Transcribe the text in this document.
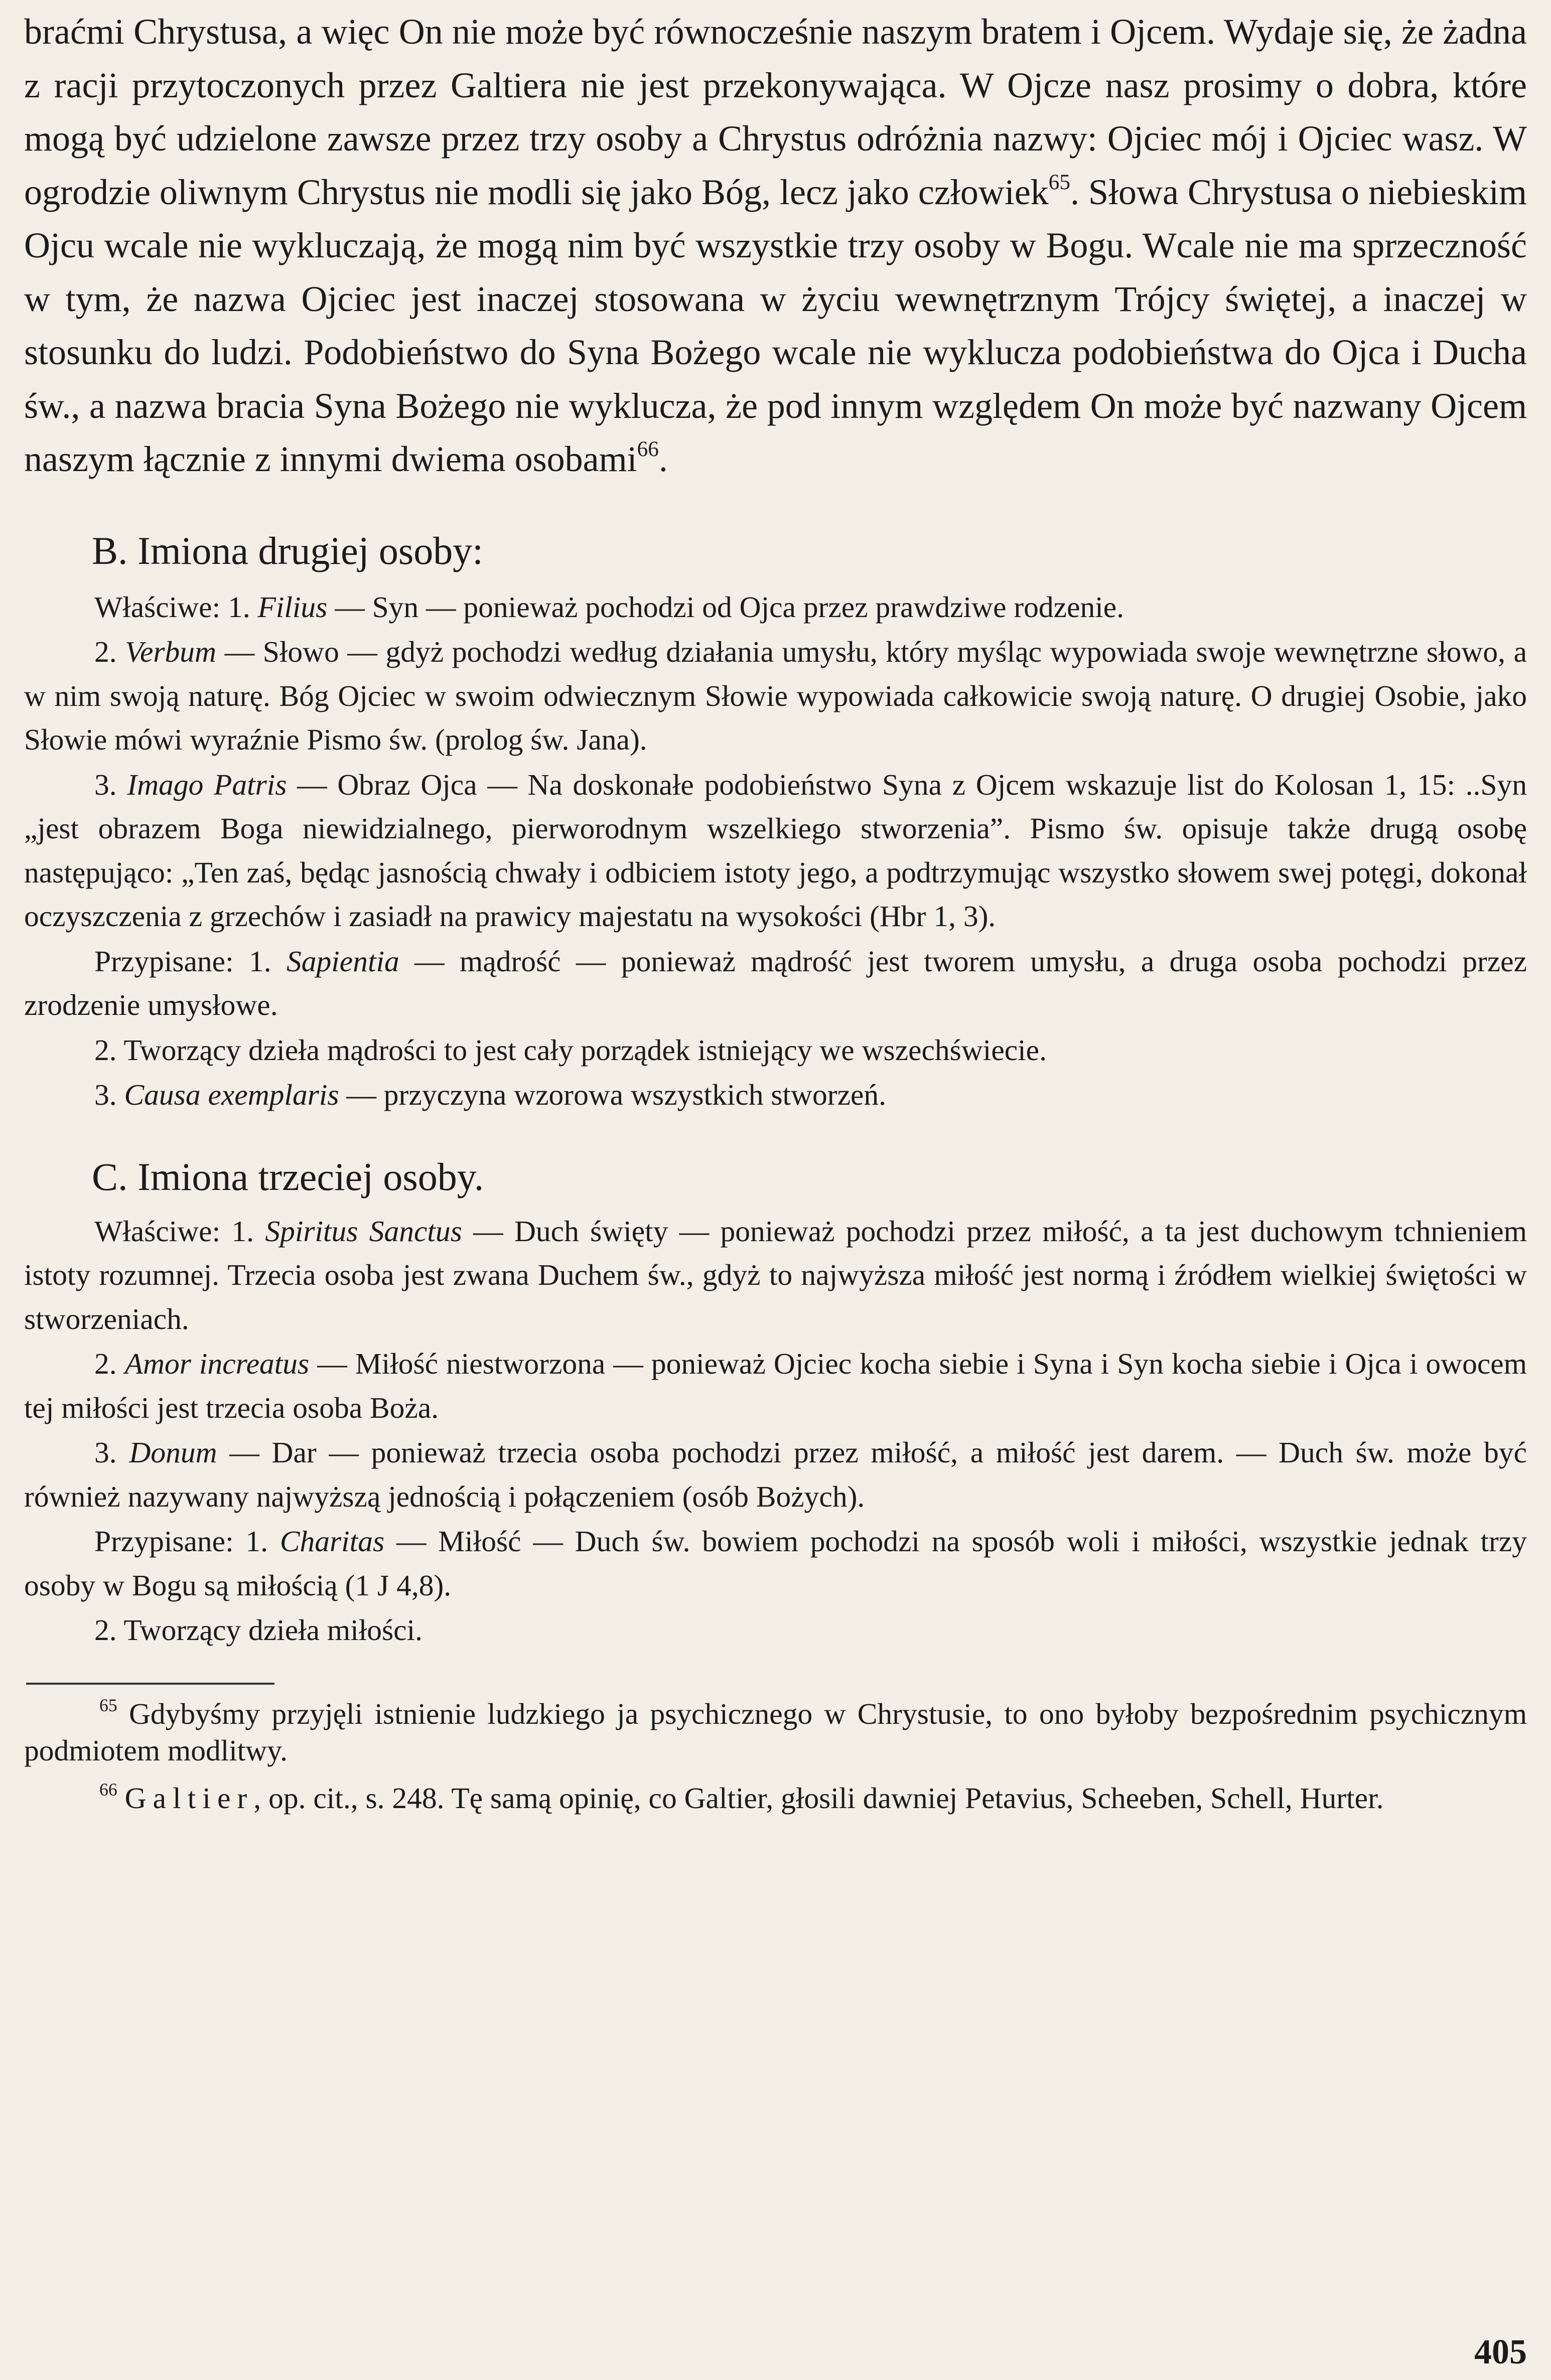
braćmi Chrystusa, a więc On nie może być równocześnie naszym bratem i Ojcem. Wydaje się, że żadna z racji przytoczonych przez Galtiera nie jest przekonywająca. W Ojcze nasz prosimy o dobra, które mogą być udzielone zawsze przez trzy osoby a Chrystus odróżnia nazwy: Ojciec mój i Ojciec wasz. W ogrodzie oliwnym Chrystus nie modli się jako Bóg, lecz jako człowiek$^{65}$. Słowa Chrystusa o niebieskim Ojcu wcale nie wykluczają, że mogą nim być wszystkie trzy osoby w Bogu. Wcale nie ma sprzeczność w tym, że nazwa Ojciec jest inaczej stosowana w życiu wewnętrznym Trójcy świętej, a inaczej w stosunku do ludzi. Podobieństwo do Syna Bożego wcale nie wyklucza podobieństwa do Ojca i Ducha św., a nazwa bracia Syna Bożego nie wyklucza, że pod innym względem On może być nazwany Ojcem naszym łącznie z innymi dwiema osobami$^{66}$.

B. Imiona drugiej osoby:

Właściwe: 1. Filius — Syn — ponieważ pochodzi od Ojca przez prawdziwe rodzenie.

2. Verbum — Słowo — gdyż pochodzi według działania umysłu, który myśląc wypowiada swoje wewnętrzne słowo, a w nim swoją naturę. Bóg Ojciec w swoim odwiecznym Słowie wypowiada całkowicie swoją naturę. O drugiej Osobie, jako Słowie mówi wyraźnie Pismo św. (prolog św. Jana).

3. Imago Patris — Obraz Ojca — Na doskonałe podobieństwo Syna z Ojcem wskazuje list do Kolosan 1, 15: ..Syn „jest obrazem Boga niewidzialnego, pierworodnym wszelkiego stworzenia”. Pismo św. opisuje także drugą osobę następująco: „Ten zaś, będąc jasnością chwały i odbiciem istoty jego, a podtrzymując wszystko słowem swej potęgi, dokonał oczyszczenia z grzechów i zasiadł na prawicy majestatu na wysokości (Hbr 1, 3).

Przypisane: 1. Sapientia — mądrość — ponieważ mądrość jest tworem umysłu, a druga osoba pochodzi przez zrodzenie umysłowe.

2. Tworzący dzieła mądrości to jest cały porządek istniejący we wszechświecie.

3. Causa exemplaris — przyczyna wzorowa wszystkich stworzeń.

C. Imiona trzeciej osoby.

Właściwe: 1. Spiritus Sanctus — Duch święty — ponieważ pochodzi przez miłość, a ta jest duchowym tchnieniem istoty rozumnej. Trzecia osoba jest zwana Duchem św., gdyż to najwyższa miłość jest normą i źródłem wielkiej świętości w stworzeniach.

2. Amor increatus — Miłość niestworzona — ponieważ Ojciec kocha siebie i Syna i Syn kocha siebie i Ojca i owocem tej miłości jest trzecia osoba Boża.

3. Donum — Dar — ponieważ trzecia osoba pochodzi przez miłość, a miłość jest darem. — Duch św. może być również nazywany najwyższą jednością i połączeniem (osób Bożych).

Przypisane: 1. Charitas — Miłość — Duch św. bowiem pochodzi na sposób woli i miłości, wszystkie jednak trzy osoby w Bogu są miłością (1 J 4,8).

2. Tworzący dzieła miłości.

$^{65}$ Gdybyśmy przyjęli istnienie ludzkiego ja psychicznego w Chrystusie, to ono byłoby bezpośrednim psychicznym podmiotem modlitwy.

$^{66}$ Galtier, op. cit., s. 248. Tę samą opinię, co Galtier, głosili dawniej Petavius, Scheeben, Schell, Hurter.

405
